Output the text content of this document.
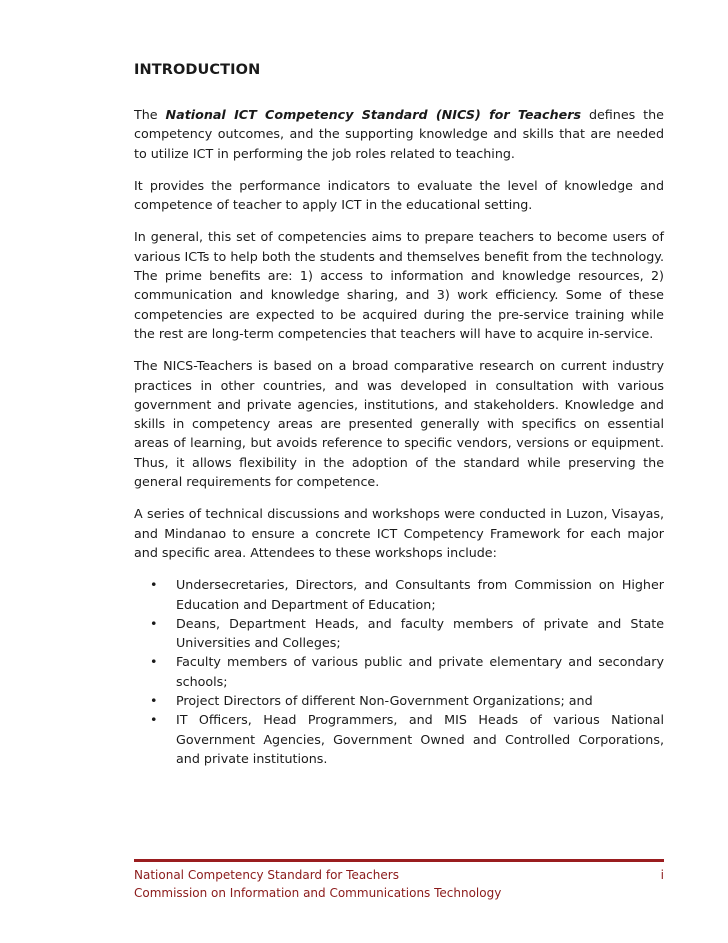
INTRODUCTION

The National ICT Competency Standard (NICS) for Teachers defines the competency outcomes, and the supporting knowledge and skills that are needed to utilize ICT in performing the job roles related to teaching.

It provides the performance indicators to evaluate the level of knowledge and competence of teacher to apply ICT in the educational setting.

In general, this set of competencies aims to prepare teachers to become users of various ICTs to help both the students and themselves benefit from the technology. The prime benefits are: 1) access to information and knowledge resources, 2) communication and knowledge sharing, and 3) work efficiency. Some of these competencies are expected to be acquired during the pre-service training while the rest are long-term competencies that teachers will have to acquire in-service.

The NICS-Teachers is based on a broad comparative research on current industry practices in other countries, and was developed in consultation with various government and private agencies, institutions, and stakeholders. Knowledge and skills in competency areas are presented generally with specifics on essential areas of learning, but avoids reference to specific vendors, versions or equipment. Thus, it allows flexibility in the adoption of the standard while preserving the general requirements for competence.

A series of technical discussions and workshops were conducted in Luzon, Visayas, and Mindanao to ensure a concrete ICT Competency Framework for each major and specific area. Attendees to these workshops include:

• Undersecretaries, Directors, and Consultants from Commission on Higher Education and Department of Education;
• Deans, Department Heads, and faculty members of private and State Universities and Colleges;
• Faculty members of various public and private elementary and secondary schools;
• Project Directors of different Non-Government Organizations; and
• IT Officers, Head Programmers, and MIS Heads of various National Government Agencies, Government Owned and Controlled Corporations, and private institutions.
National Competency Standard for Teachers	i
Commission on Information and Communications Technology
